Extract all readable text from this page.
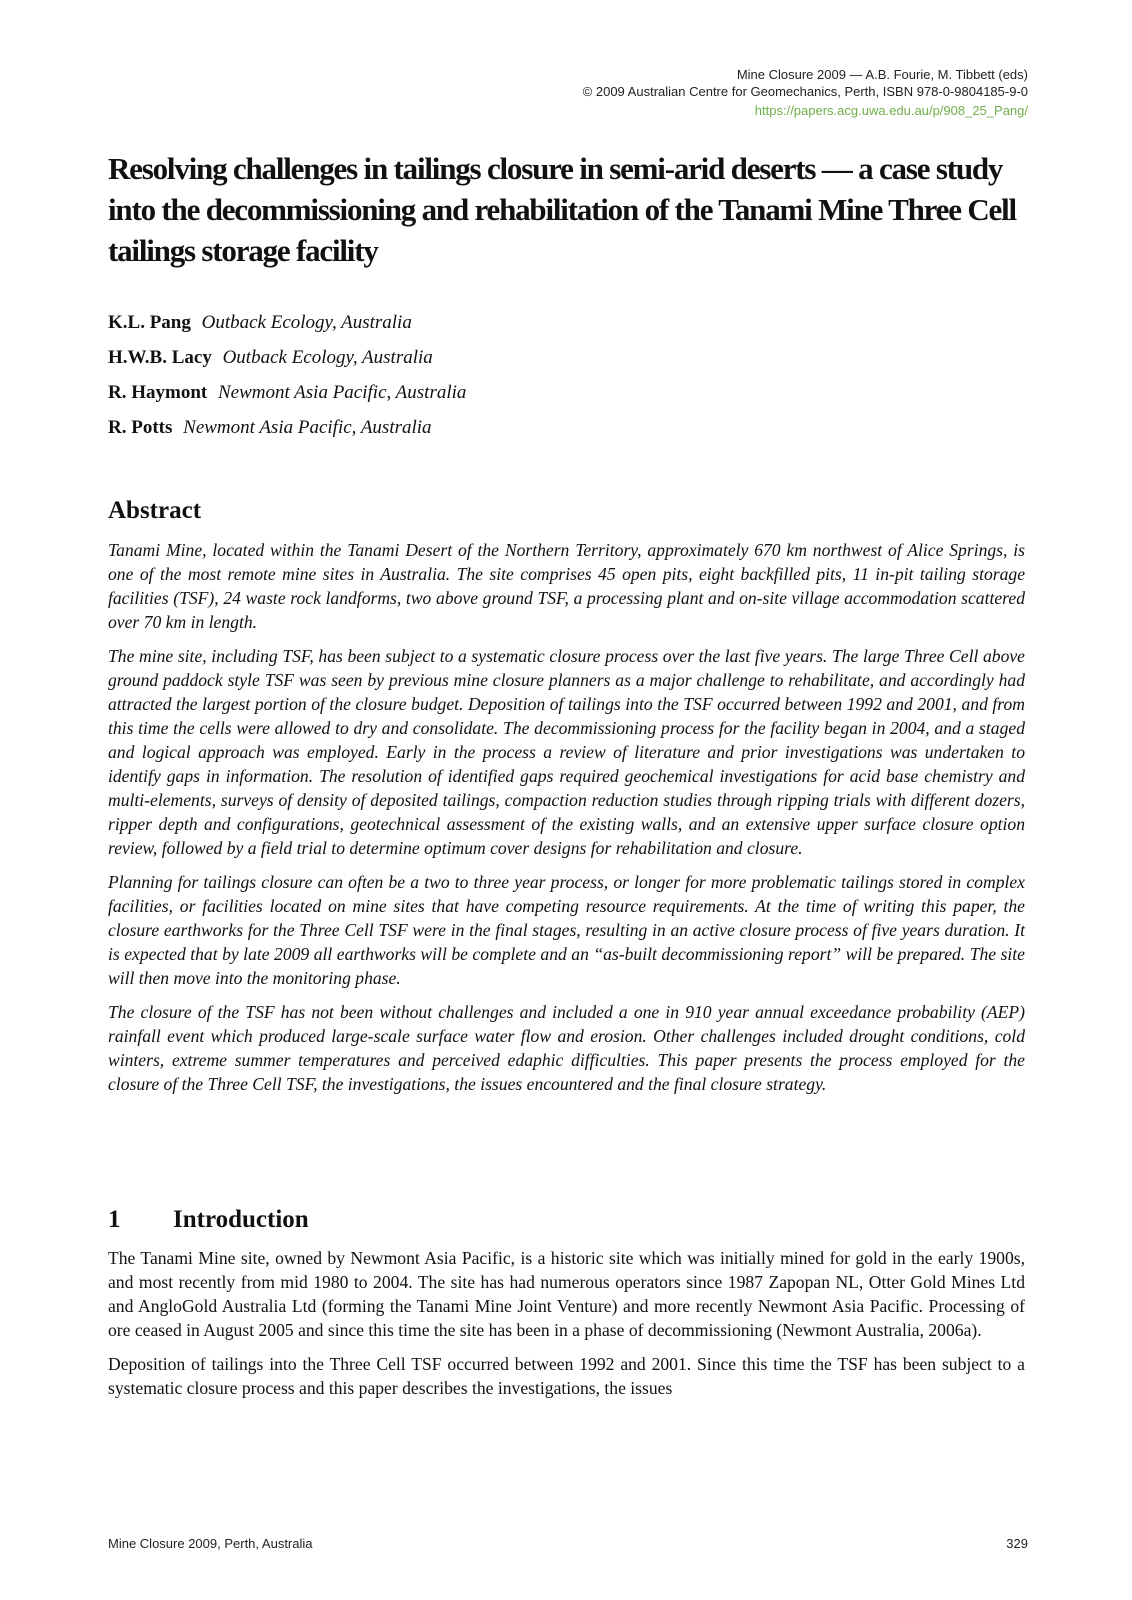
Mine Closure 2009 — A.B. Fourie, M. Tibbett (eds)
© 2009 Australian Centre for Geomechanics, Perth, ISBN 978-0-9804185-9-0
https://papers.acg.uwa.edu.au/p/908_25_Pang/
Resolving challenges in tailings closure in semi-arid deserts — a case study into the decommissioning and rehabilitation of the Tanami Mine Three Cell tailings storage facility
K.L. Pang Outback Ecology, Australia
H.W.B. Lacy Outback Ecology, Australia
R. Haymont Newmont Asia Pacific, Australia
R. Potts Newmont Asia Pacific, Australia
Abstract

Tanami Mine, located within the Tanami Desert of the Northern Territory, approximately 670 km northwest of Alice Springs, is one of the most remote mine sites in Australia. The site comprises 45 open pits, eight backfilled pits, 11 in-pit tailing storage facilities (TSF), 24 waste rock landforms, two above ground TSF, a processing plant and on-site village accommodation scattered over 70 km in length.

The mine site, including TSF, has been subject to a systematic closure process over the last five years. The large Three Cell above ground paddock style TSF was seen by previous mine closure planners as a major challenge to rehabilitate, and accordingly had attracted the largest portion of the closure budget. Deposition of tailings into the TSF occurred between 1992 and 2001, and from this time the cells were allowed to dry and consolidate. The decommissioning process for the facility began in 2004, and a staged and logical approach was employed. Early in the process a review of literature and prior investigations was undertaken to identify gaps in information. The resolution of identified gaps required geochemical investigations for acid base chemistry and multi-elements, surveys of density of deposited tailings, compaction reduction studies through ripping trials with different dozers, ripper depth and configurations, geotechnical assessment of the existing walls, and an extensive upper surface closure option review, followed by a field trial to determine optimum cover designs for rehabilitation and closure.

Planning for tailings closure can often be a two to three year process, or longer for more problematic tailings stored in complex facilities, or facilities located on mine sites that have competing resource requirements. At the time of writing this paper, the closure earthworks for the Three Cell TSF were in the final stages, resulting in an active closure process of five years duration. It is expected that by late 2009 all earthworks will be complete and an “as-built decommissioning report” will be prepared. The site will then move into the monitoring phase.

The closure of the TSF has not been without challenges and included a one in 910 year annual exceedance probability (AEP) rainfall event which produced large-scale surface water flow and erosion. Other challenges included drought conditions, cold winters, extreme summer temperatures and perceived edaphic difficulties. This paper presents the process employed for the closure of the Three Cell TSF, the investigations, the issues encountered and the final closure strategy.

1 Introduction

The Tanami Mine site, owned by Newmont Asia Pacific, is a historic site which was initially mined for gold in the early 1900s, and most recently from mid 1980 to 2004. The site has had numerous operators since 1987 Zapopan NL, Otter Gold Mines Ltd and AngloGold Australia Ltd (forming the Tanami Mine Joint Venture) and more recently Newmont Asia Pacific. Processing of ore ceased in August 2005 and since this time the site has been in a phase of decommissioning (Newmont Australia, 2006a).

Deposition of tailings into the Three Cell TSF occurred between 1992 and 2001. Since this time the TSF has been subject to a systematic closure process and this paper describes the investigations, the issues

Mine Closure 2009, Perth, Australia	329
